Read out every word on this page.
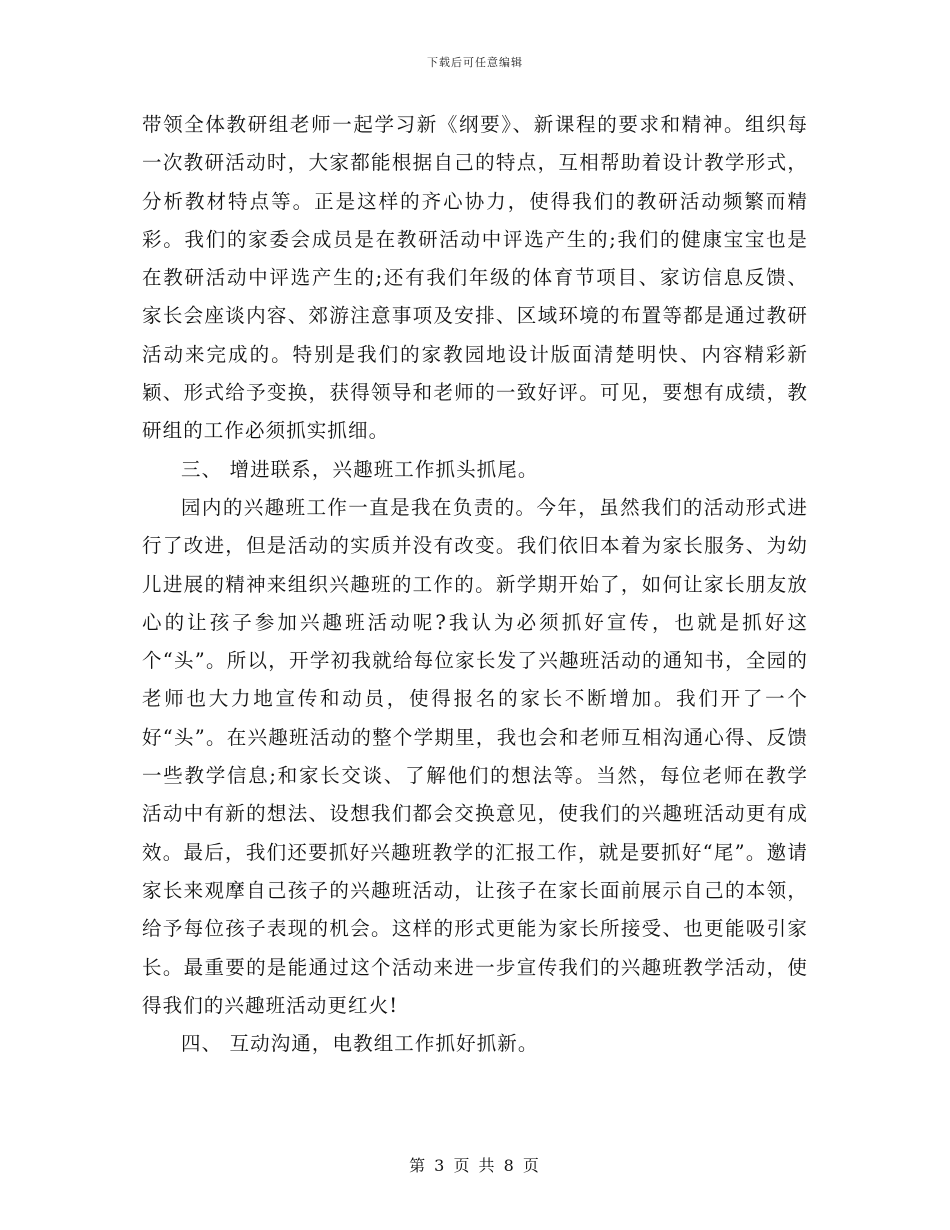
下载后可任意编辑

带领全体教研组老师一起学习新《纲要》、新课程的要求和精神。组织每一次教研活动时，大家都能根据自己的特点，互相帮助着设计教学形式，分析教材特点等。正是这样的齐心协力，使得我们的教研活动频繁而精彩。我们的家委会成员是在教研活动中评选产生的;我们的健康宝宝也是在教研活动中评选产生的;还有我们年级的体育节项目、家访信息反馈、家长会座谈内容、郊游注意事项及安排、区域环境的布置等都是通过教研活动来完成的。特别是我们的家教园地设计版面清楚明快、内容精彩新颖、形式给予变换，获得领导和老师的一致好评。可见，要想有成绩，教研组的工作必须抓实抓细。

三、 增进联系，兴趣班工作抓头抓尾。

园内的兴趣班工作一直是我在负责的。今年，虽然我们的活动形式进行了改进，但是活动的实质并没有改变。我们依旧本着为家长服务、为幼儿进展的精神来组织兴趣班的工作的。新学期开始了，如何让家长朋友放心的让孩子参加兴趣班活动呢?我认为必须抓好宣传，也就是抓好这个“头”。所以，开学初我就给每位家长发了兴趣班活动的通知书，全园的老师也大力地宣传和动员，使得报名的家长不断增加。我们开了一个好“头”。在兴趣班活动的整个学期里，我也会和老师互相沟通心得、反馈一些教学信息;和家长交谈、了解他们的想法等。当然，每位老师在教学活动中有新的想法、设想我们都会交换意见，使我们的兴趣班活动更有成效。最后，我们还要抓好兴趣班教学的汇报工作，就是要抓好“尾”。邀请家长来观摩自己孩子的兴趣班活动，让孩子在家长面前展示自己的本领，给予每位孩子表现的机会。这样的形式更能为家长所接受、也更能吸引家长。最重要的是能通过这个活动来进一步宣传我们的兴趣班教学活动，使得我们的兴趣班活动更红火!

四、 互动沟通，电教组工作抓好抓新。

第 3 页 共 8 页
